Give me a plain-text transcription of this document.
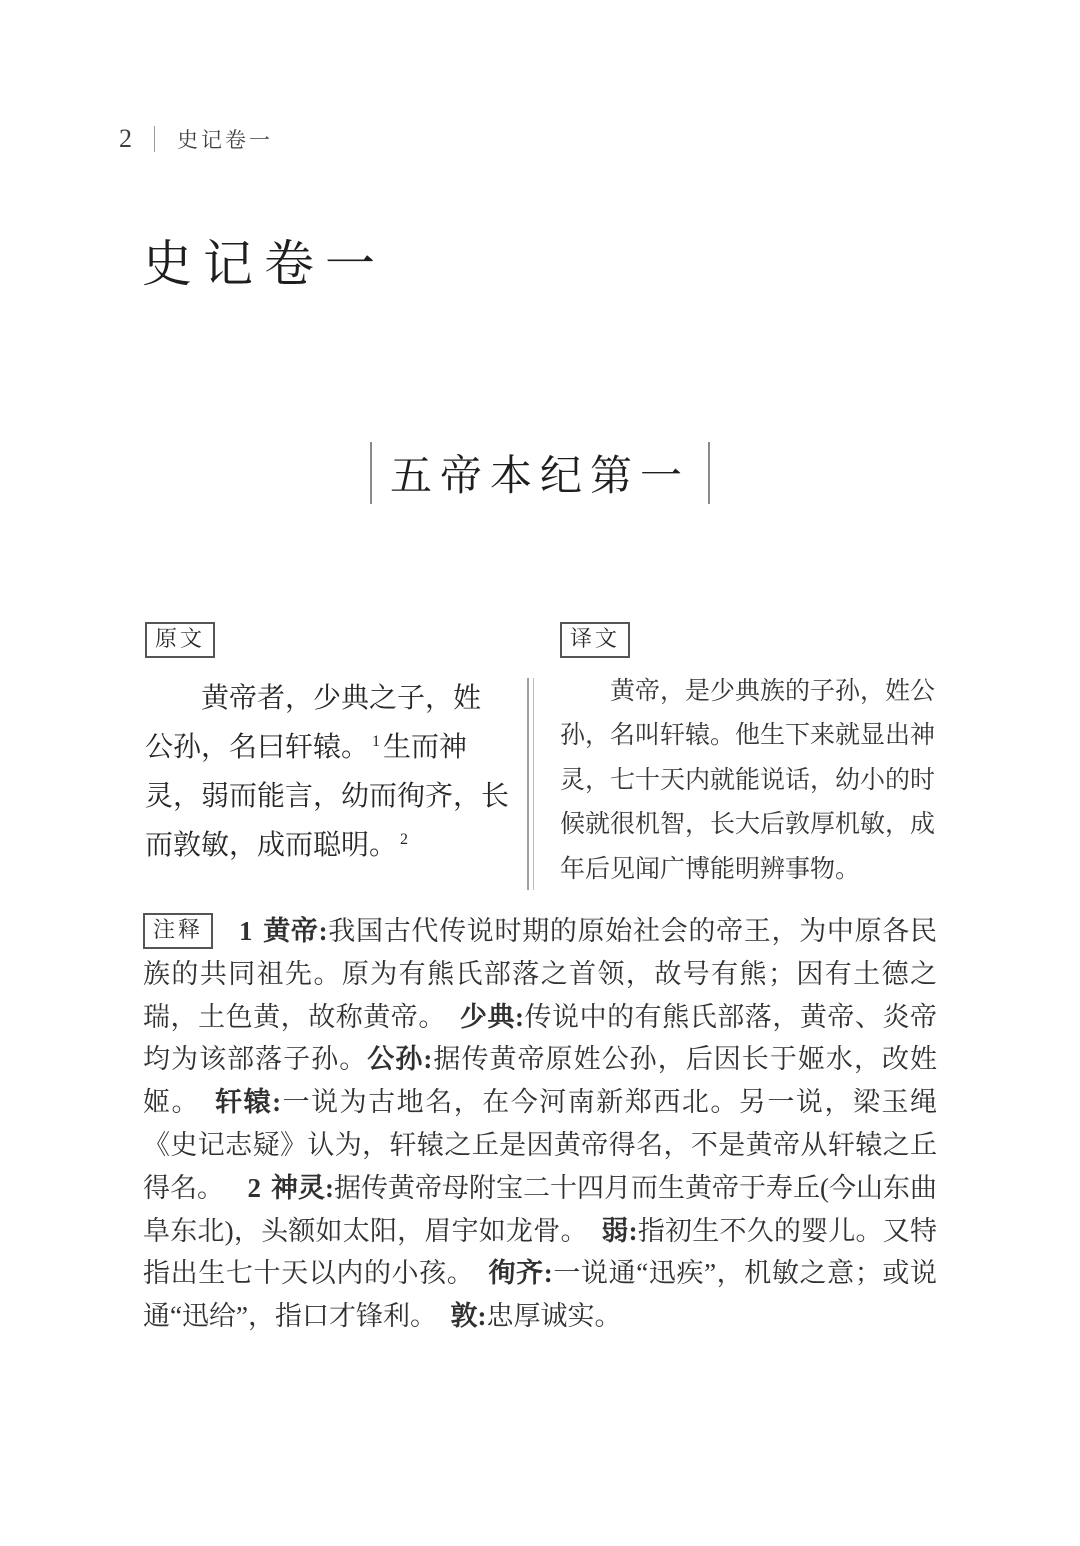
2 史记卷一
史记卷一
五帝本纪第一
原文
黄帝者，少典之子，姓
公孙，名曰轩辕。 $^1$ 生而神
灵，弱而能言，幼而徇齐，长
而敦敏，成而聪明。 $^2$
译文
黄帝，是少典族的子孙，姓公
孙，名叫轩辕。他生下来就显出神
灵，七十天内就能说话，幼小的时
候就很机智，长大后敦厚机敏，成
年后见闻广博能明辨事物。
注释 1 黄帝:我国古代传说时期的原始社会的帝王，为中原各民族的共同祖先。原为有熊氏部落之首领，故号有熊；因有土德之瑞，土色黄，故称黄帝。　少典:传说中的有熊氏部落，黄帝、炎帝均为该部落子孙。公孙:据传黄帝原姓公孙，后因长于姬水，改姓姬。　轩辕:一说为古地名，在今河南新郑西北。另一说，梁玉绳《史记志疑》认为，轩辕之丘是因黄帝得名，不是黄帝从轩辕之丘得名。　2 神灵:据传黄帝母附宝二十四月而生黄帝于寿丘(今山东曲阜东北)，头额如太阳，眉宇如龙骨。　弱:指初生不久的婴儿。又特指出生七十天以内的小孩。　徇齐:一说通“迅疾”，机敏之意；或说通“迅给”，指口才锋利。　敦:忠厚诚实。
